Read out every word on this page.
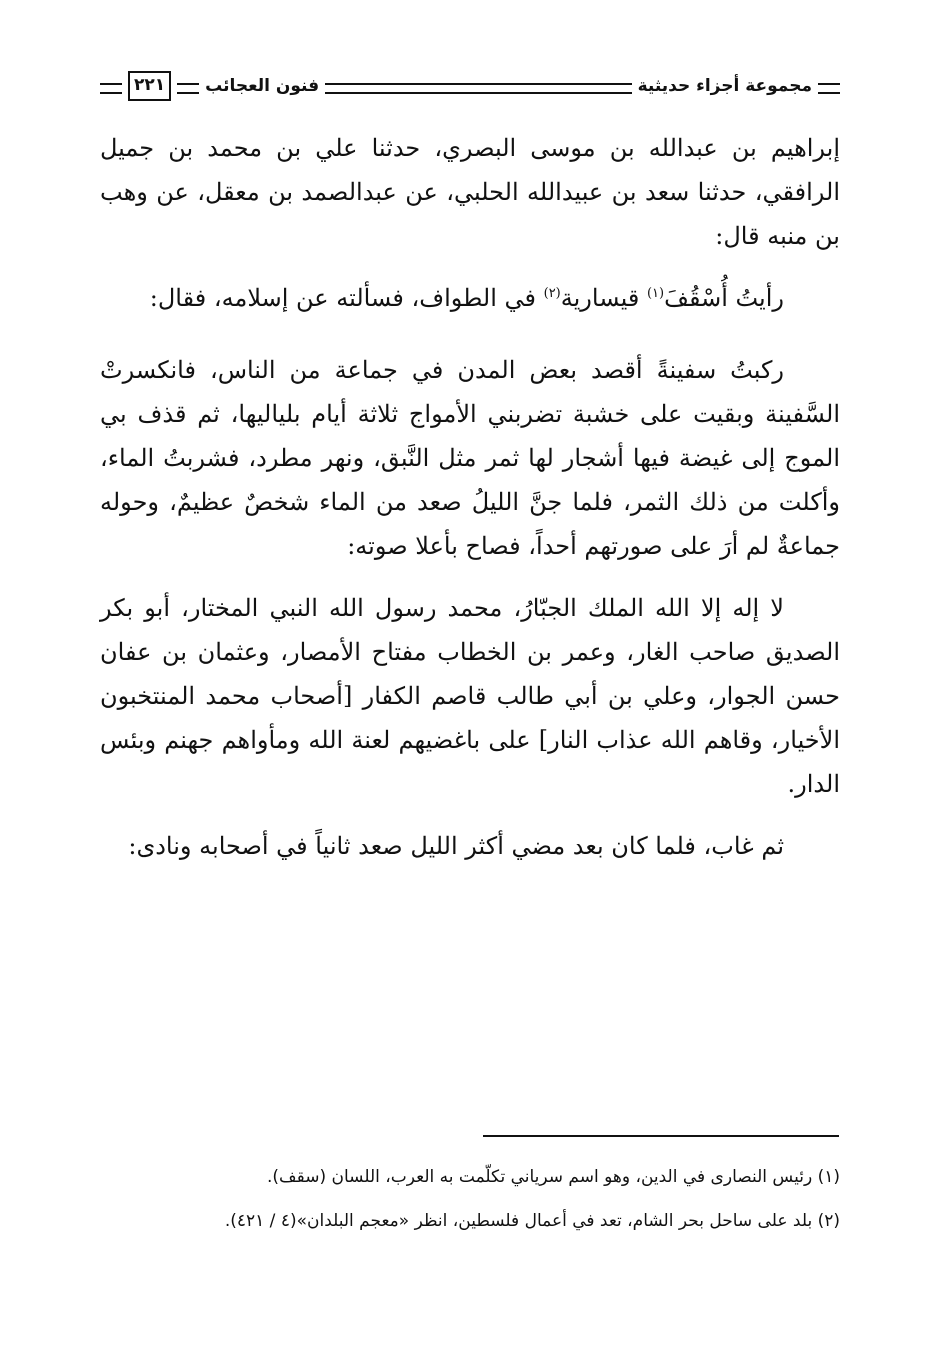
مجموعة أجزاء حديثية
فنون العجائب
٢٢١

إبراهيم بن عبدالله بن موسى البصري، حدثنا علي بن محمد بن جميل الرافقي، حدثنا سعد بن عبيدالله الحلبي، عن عبدالصمد بن معقل، عن وهب بن منبه قال:

رأيتُ أُسْقُفَ$^{(١)}$ قيسارية$^{(٢)}$ في الطواف، فسألته عن إسلامه، فقال:

ركبتُ سفينةً أقصد بعض المدن في جماعة من الناس، فانكسرتْ السَّفينة وبقيت على خشبة تضربني الأمواج ثلاثة أيام بلياليها، ثم قذف بي الموج إلى غيضة فيها أشجار لها ثمر مثل النَّبق، ونهر مطرد، فشربتُ الماء، وأكلت من ذلك الثمر، فلما جنَّ الليلُ صعد من الماء شخصٌ عظيمٌ، وحوله جماعةٌ لم أرَ على صورتهم أحداً، فصاح بأعلا صوته:

لا إله إلا الله الملك الجبّارُ، محمد رسول الله النبي المختار، أبو بكر الصديق صاحب الغار، وعمر بن الخطاب مفتاح الأمصار، وعثمان بن عفان حسن الجوار، وعلي بن أبي طالب قاصم الكفار [أصحاب محمد المنتخبون الأخيار، وقاهم الله عذاب النار] على باغضيهم لعنة الله ومأواهم جهنم وبئس الدار.

ثم غاب، فلما كان بعد مضي أكثر الليل صعد ثانياً في أصحابه ونادى:

(١) رئيس النصارى في الدين، وهو اسم سرياني تكلّمت به العرب، اللسان (سقف).

(٢) بلد على ساحل بحر الشام، تعد في أعمال فلسطين، انظر «معجم البلدان»(٤ / ٤٢١).
